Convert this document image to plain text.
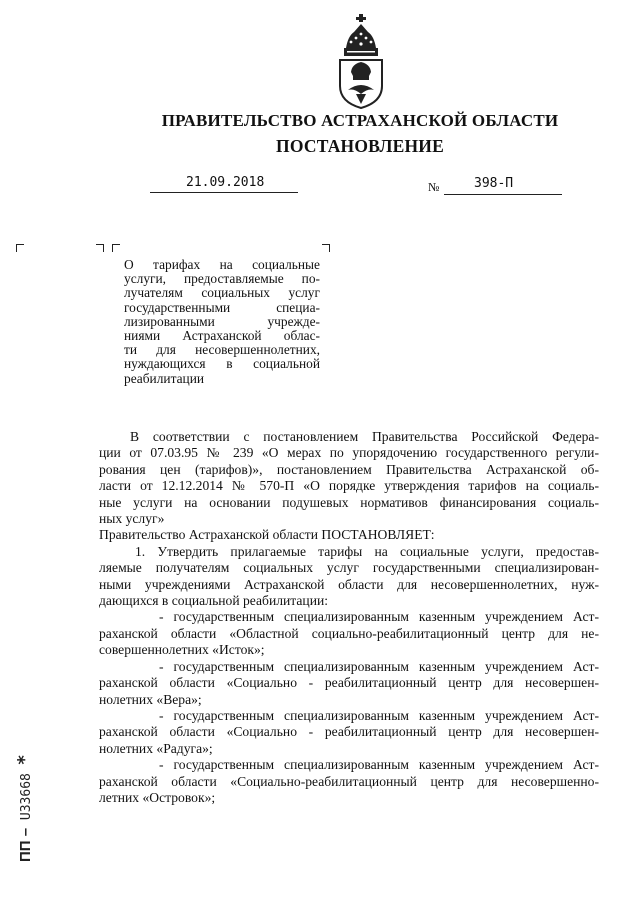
ПРАВИТЕЛЬСТВО АСТРАХАНСКОЙ ОБЛАСТИ
ПОСТАНОВЛЕНИЕ
21.09.2018	№	398-П
О тарифах на социальные
услуги, предоставляемые по-
лучателям социальных услуг
государственными специа-
лизированными учрежде-
ниями Астраханской облас-
ти для несовершеннолетних,
нуждающихся в социальной
реабилитации
В соответствии с постановлением Правительства Российской Федера-
ции от 07.03.95 № 239 «О мерах по упорядочению государственного регули-
рования цен (тарифов)», постановлением Правительства Астраханской об-
ласти от 12.12.2014 № 570-П «О порядке утверждения тарифов на социаль-
ные услуги на основании подушевых нормативов финансирования социаль-
ных услуг»
Правительство Астраханской области ПОСТАНОВЛЯЕТ:
1. Утвердить прилагаемые тарифы на социальные услуги, предостав-
ляемые получателям социальных услуг государственными специализирован-
ными учреждениями Астраханской области для несовершеннолетних, нуж-
дающихся в социальной реабилитации:
- государственным специализированным казенным учреждением Аст-
раханской области «Областной социально-реабилитационный центр для не-
совершеннолетних «Исток»;
- государственным специализированным казенным учреждением Аст-
раханской области «Социально - реабилитационный центр для несовершен-
нолетних «Вера»;
- государственным специализированным казенным учреждением Аст-
раханской области «Социально - реабилитационный центр для несовершен-
нолетних «Радуга»;
- государственным специализированным казенным учреждением Аст-
раханской области «Социально-реабилитационный центр для несовершенно-
летних «Островок»;
ПП – U33668 *
